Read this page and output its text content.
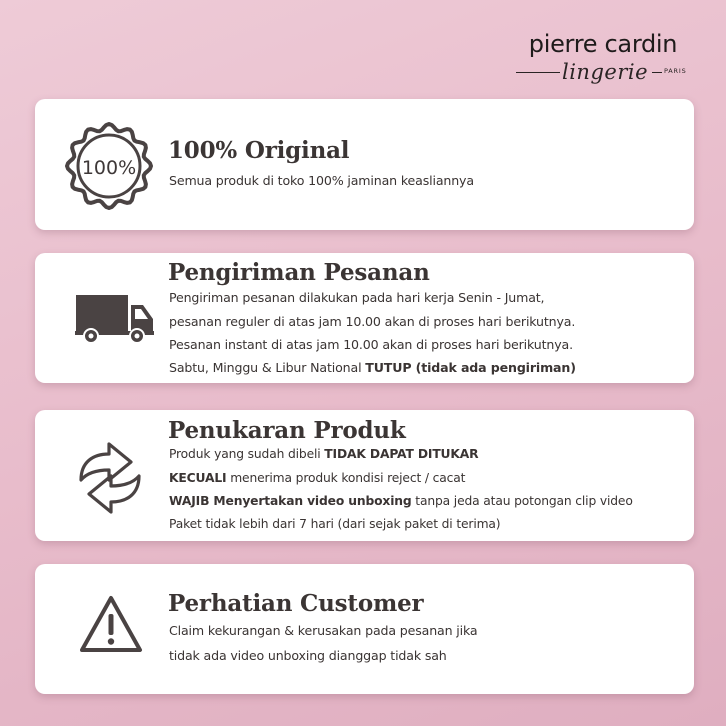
pierre cardin
lingerie PARIS
100%
100% Original
Semua produk di toko 100% jaminan keasliannya
Pengiriman Pesanan
Pengiriman pesanan dilakukan pada hari kerja Senin - Jumat,
pesanan reguler di atas jam 10.00 akan di proses hari berikutnya.
Pesanan instant di atas jam 10.00 akan di proses hari berikutnya.
Sabtu, Minggu & Libur National TUTUP (tidak ada pengiriman)
Penukaran Produk
Produk yang sudah dibeli TIDAK DAPAT DITUKAR
KECUALI menerima produk kondisi reject / cacat
WAJIB Menyertakan video unboxing tanpa jeda atau potongan clip video
Paket tidak lebih dari 7 hari (dari sejak paket di terima)
Perhatian Customer
Claim kekurangan & kerusakan pada pesanan jika
tidak ada video unboxing dianggap tidak sah
